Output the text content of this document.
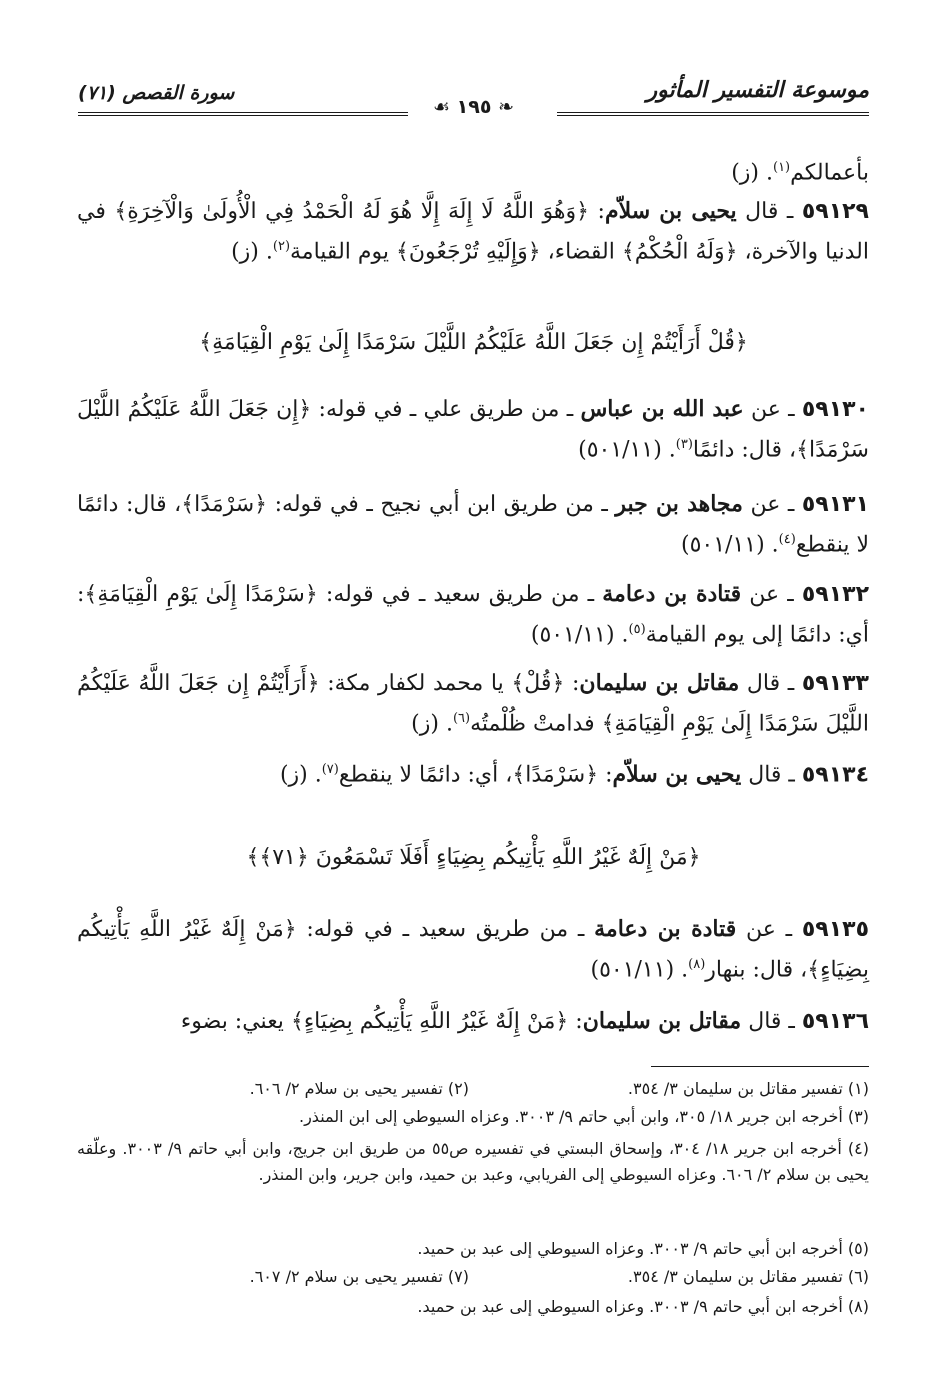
موسوعة التفسير المأثور
سورة القصص (٧١)
❧ ١٩٥ ☙
بأعمالكم$^{(١)}$. (ز)
٥٩١٢٩ ـ قال يحيى بن سلاّم: ﴿وَهُوَ اللَّهُ لَا إِلَهَ إِلَّا هُوَ لَهُ الْحَمْدُ فِي الْأُولَىٰ وَالْآخِرَةِ﴾ في الدنيا والآخرة، ﴿وَلَهُ الْحُكْمُ﴾ القضاء، ﴿وَإِلَيْهِ تُرْجَعُونَ﴾ يوم القيامة$^{(٢)}$. (ز)
﴿قُلْ أَرَأَيْتُمْ إِن جَعَلَ اللَّهُ عَلَيْكُمُ اللَّيْلَ سَرْمَدًا إِلَىٰ يَوْمِ الْقِيَامَةِ﴾
٥٩١٣٠ ـ عن عبد الله بن عباس ـ من طريق علي ـ في قوله: ﴿إِن جَعَلَ اللَّهُ عَلَيْكُمُ اللَّيْلَ سَرْمَدًا﴾، قال: دائمًا$^{(٣)}$. (٥٠١/١١)
٥٩١٣١ ـ عن مجاهد بن جبر ـ من طريق ابن أبي نجيح ـ في قوله: ﴿سَرْمَدًا﴾، قال: دائمًا لا ينقطع$^{(٤)}$. (٥٠١/١١)
٥٩١٣٢ ـ عن قتادة بن دعامة ـ من طريق سعيد ـ في قوله: ﴿سَرْمَدًا إِلَىٰ يَوْمِ الْقِيَامَةِ﴾: أي: دائمًا إلى يوم القيامة$^{(٥)}$. (٥٠١/١١)
٥٩١٣٣ ـ قال مقاتل بن سليمان: ﴿قُلْ﴾ يا محمد لكفار مكة: ﴿أَرَأَيْتُمْ إِن جَعَلَ اللَّهُ عَلَيْكُمُ اللَّيْلَ سَرْمَدًا إِلَىٰ يَوْمِ الْقِيَامَةِ﴾ فدامتْ ظُلْمتُه$^{(٦)}$. (ز)
٥٩١٣٤ ـ قال يحيى بن سلاّم: ﴿سَرْمَدًا﴾، أي: دائمًا لا ينقطع$^{(٧)}$. (ز)
﴿مَنْ إِلَهٌ غَيْرُ اللَّهِ يَأْتِيكُم بِضِيَاءٍ أَفَلَا تَسْمَعُونَ ﴿٧١﴾﴾
٥٩١٣٥ ـ عن قتادة بن دعامة ـ من طريق سعيد ـ في قوله: ﴿مَنْ إِلَهٌ غَيْرُ اللَّهِ يَأْتِيكُم بِضِيَاءٍ﴾، قال: بنهار$^{(٨)}$. (٥٠١/١١)
٥٩١٣٦ ـ قال مقاتل بن سليمان: ﴿مَنْ إِلَهٌ غَيْرُ اللَّهِ يَأْتِيكُم بِضِيَاءٍ﴾ يعني: بضوء
(١) تفسير مقاتل بن سليمان ٣/ ٣٥٤.
(٢) تفسير يحيى بن سلام ٢/ ٦٠٦.
(٣) أخرجه ابن جرير ١٨/ ٣٠٥، وابن أبي حاتم ٩/ ٣٠٠٣. وعزاه السيوطي إلى ابن المنذر.
(٤) أخرجه ابن جرير ١٨/ ٣٠٤، وإسحاق البستي في تفسيره ص٥٥ من طريق ابن جريج، وابن أبي حاتم ٩/ ٣٠٠٣. وعلّقه يحيى بن سلام ٢/ ٦٠٦. وعزاه السيوطي إلى الفريابي، وعبد بن حميد، وابن جرير، وابن المنذر.
(٥) أخرجه ابن أبي حاتم ٩/ ٣٠٠٣. وعزاه السيوطي إلى عبد بن حميد.
(٦) تفسير مقاتل بن سليمان ٣/ ٣٥٤.
(٧) تفسير يحيى بن سلام ٢/ ٦٠٧.
(٨) أخرجه ابن أبي حاتم ٩/ ٣٠٠٣. وعزاه السيوطي إلى عبد بن حميد.
